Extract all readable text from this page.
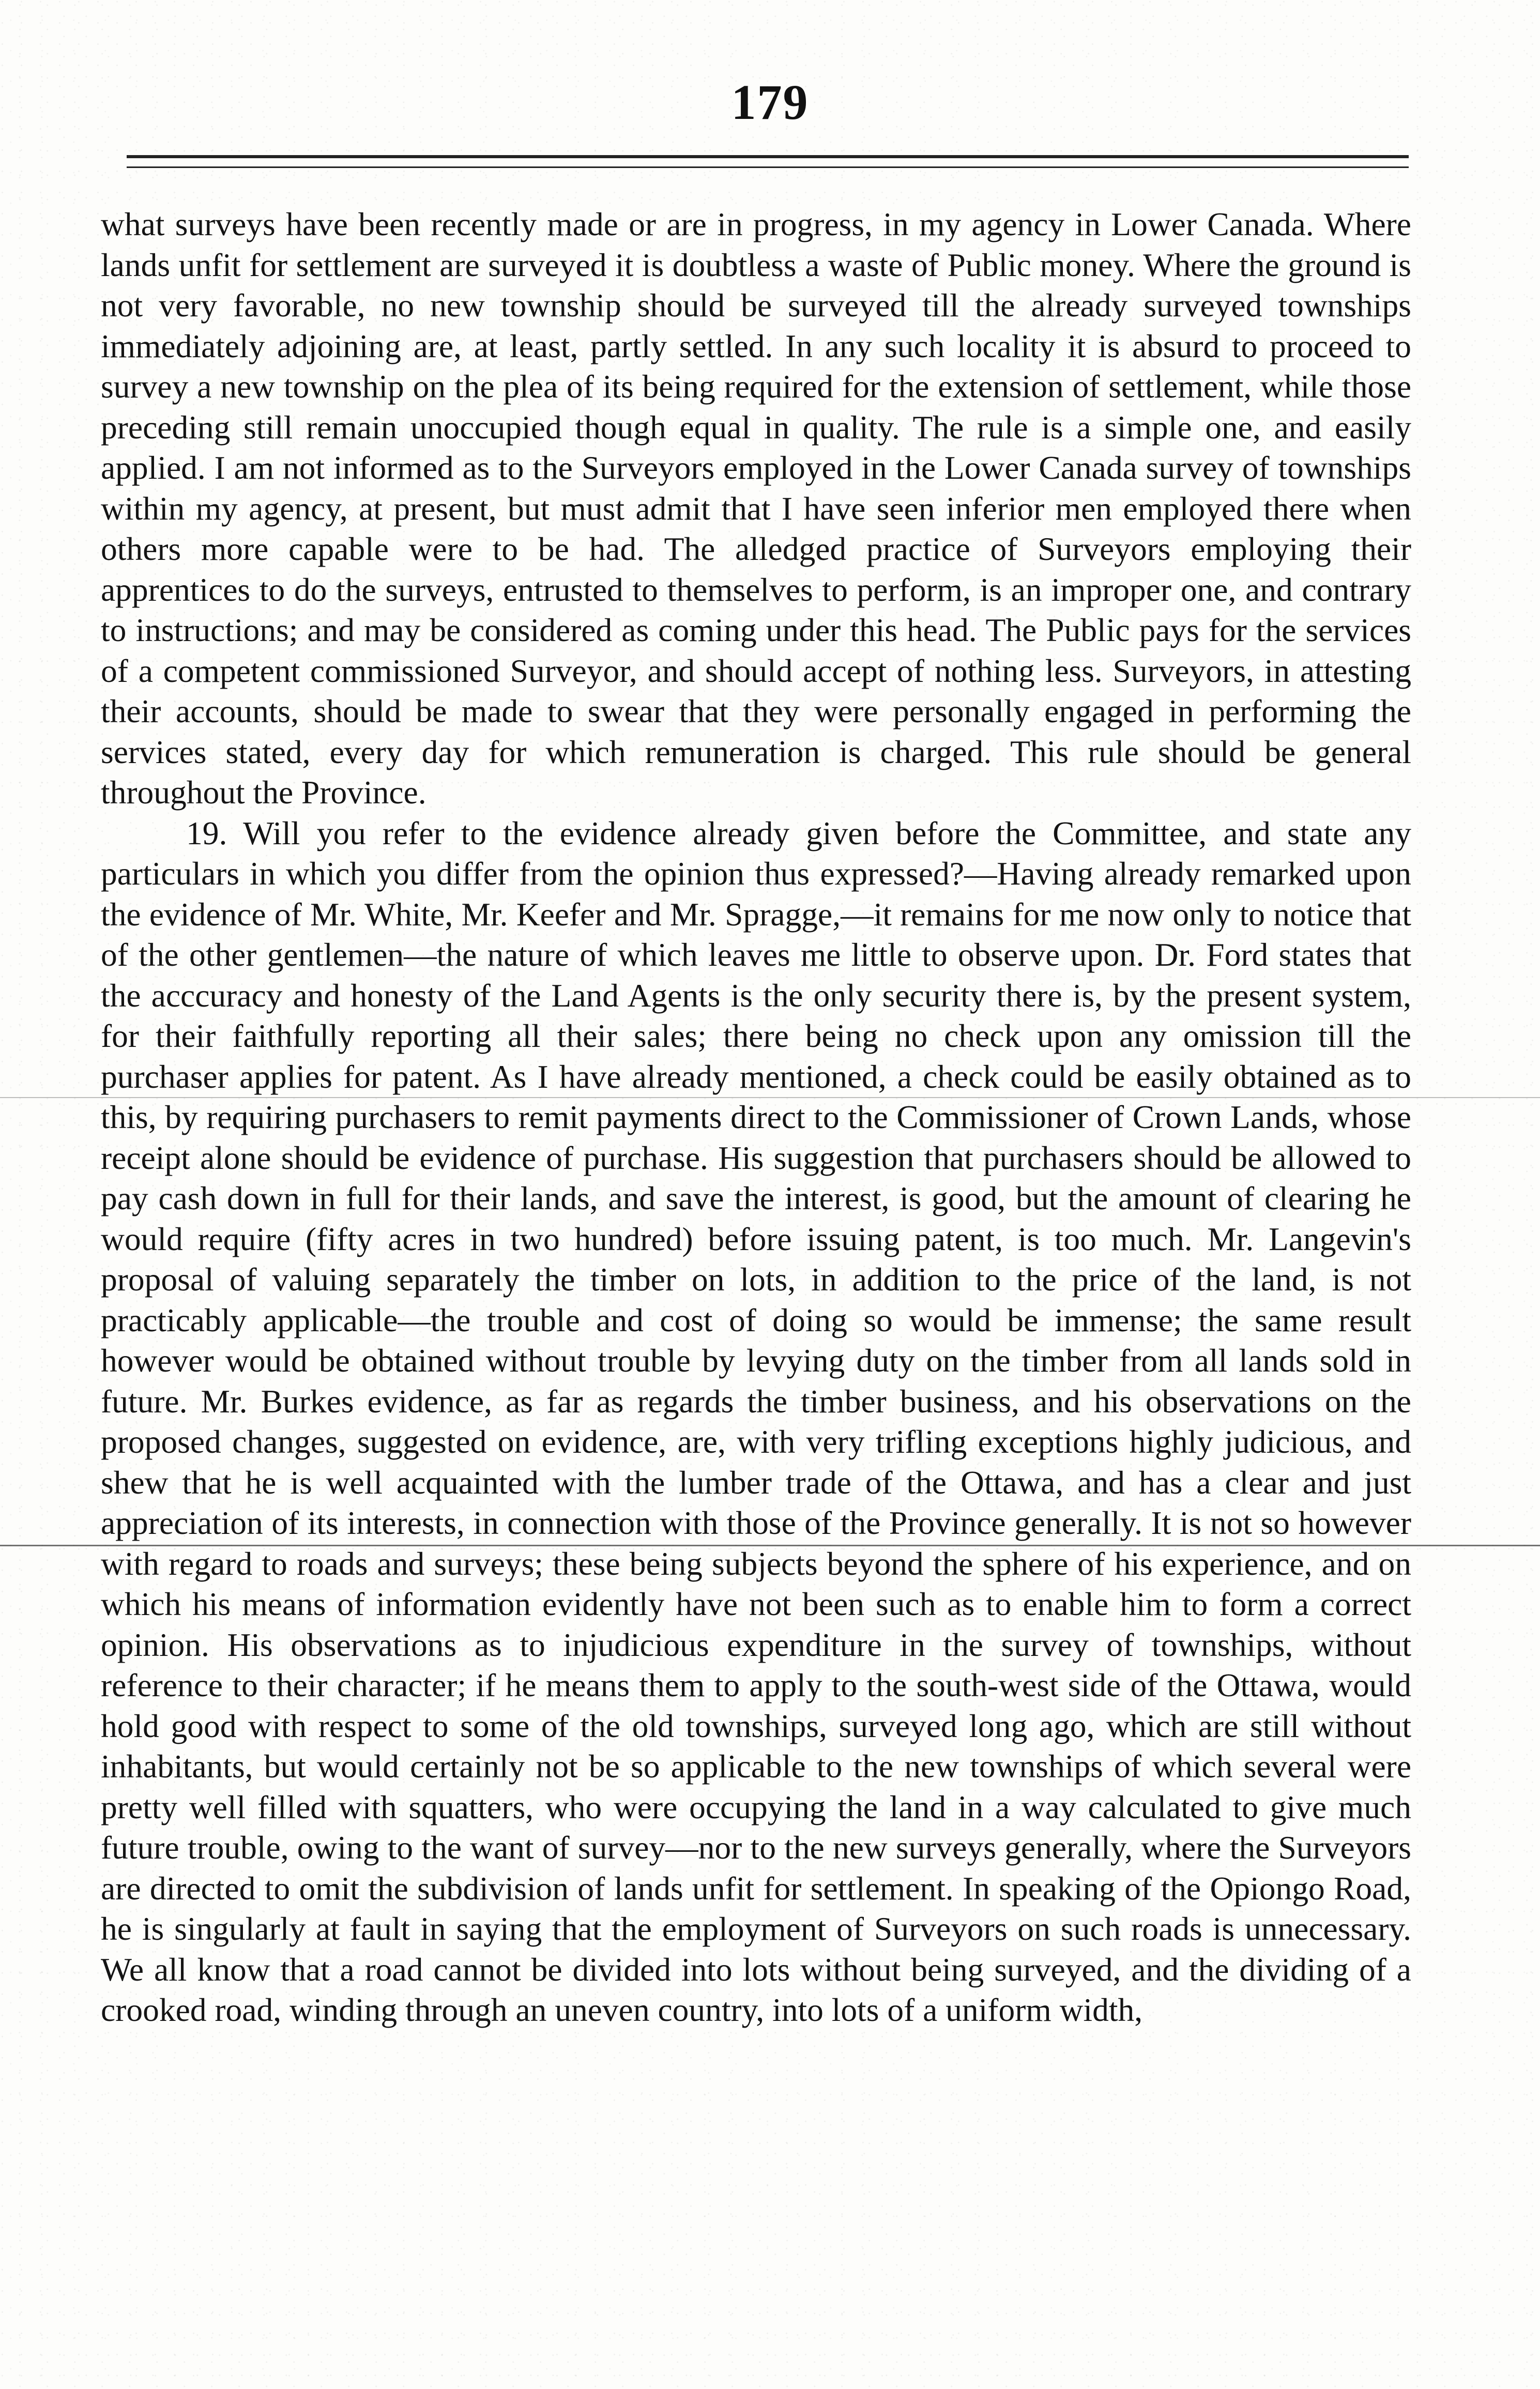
179

what surveys have been recently made or are in progress, in my agency in Lower Canada. Where lands unfit for settlement are surveyed it is doubtless a waste of Public money. Where the ground is not very favorable, no new township should be surveyed till the already surveyed townships immediately adjoining are, at least, partly settled. In any such locality it is absurd to proceed to survey a new township on the plea of its being required for the extension of settlement, while those preceding still remain unoccupied though equal in quality. The rule is a simple one, and easily applied. I am not informed as to the Surveyors employed in the Lower Canada survey of townships within my agency, at present, but must admit that I have seen inferior men employed there when others more capable were to be had. The alledged practice of Surveyors employing their apprentices to do the surveys, entrusted to themselves to perform, is an improper one, and contrary to instructions; and may be considered as coming under this head. The Public pays for the services of a competent commissioned Surveyor, and should accept of nothing less. Surveyors, in attesting their accounts, should be made to swear that they were personally engaged in performing the services stated, every day for which remuneration is charged. This rule should be general throughout the Province.

19. Will you refer to the evidence already given before the Committee, and state any particulars in which you differ from the opinion thus expressed?—Having already remarked upon the evidence of Mr. White, Mr. Keefer and Mr. Spragge,—it remains for me now only to notice that of the other gentlemen—the nature of which leaves me little to observe upon. Dr. Ford states that the acccuracy and honesty of the Land Agents is the only security there is, by the present system, for their faithfully reporting all their sales; there being no check upon any omission till the purchaser applies for patent. As I have already mentioned, a check could be easily obtained as to this, by requiring purchasers to remit payments direct to the Commissioner of Crown Lands, whose receipt alone should be evidence of purchase. His suggestion that purchasers should be allowed to pay cash down in full for their lands, and save the interest, is good, but the amount of clearing he would require (fifty acres in two hundred) before issuing patent, is too much. Mr. Langevin's proposal of valuing separately the timber on lots, in addition to the price of the land, is not practicably applicable—the trouble and cost of doing so would be immense; the same result however would be obtained without trouble by levying duty on the timber from all lands sold in future. Mr. Burkes evidence, as far as regards the timber business, and his observations on the proposed changes, suggested on evidence, are, with very trifling exceptions highly judicious, and shew that he is well acquainted with the lumber trade of the Ottawa, and has a clear and just appreciation of its interests, in connection with those of the Province generally. It is not so however with regard to roads and surveys; these being subjects beyond the sphere of his experience, and on which his means of information evidently have not been such as to enable him to form a correct opinion. His observations as to injudicious expenditure in the survey of townships, without reference to their character; if he means them to apply to the south-west side of the Ottawa, would hold good with respect to some of the old townships, surveyed long ago, which are still without inhabitants, but would certainly not be so applicable to the new townships of which several were pretty well filled with squatters, who were occupying the land in a way calculated to give much future trouble, owing to the want of survey—nor to the new surveys generally, where the Surveyors are directed to omit the subdivision of lands unfit for settlement. In speaking of the Opiongo Road, he is singularly at fault in saying that the employment of Surveyors on such roads is unnecessary. We all know that a road cannot be divided into lots without being surveyed, and the dividing of a crooked road, winding through an uneven country, into lots of a uniform width,
